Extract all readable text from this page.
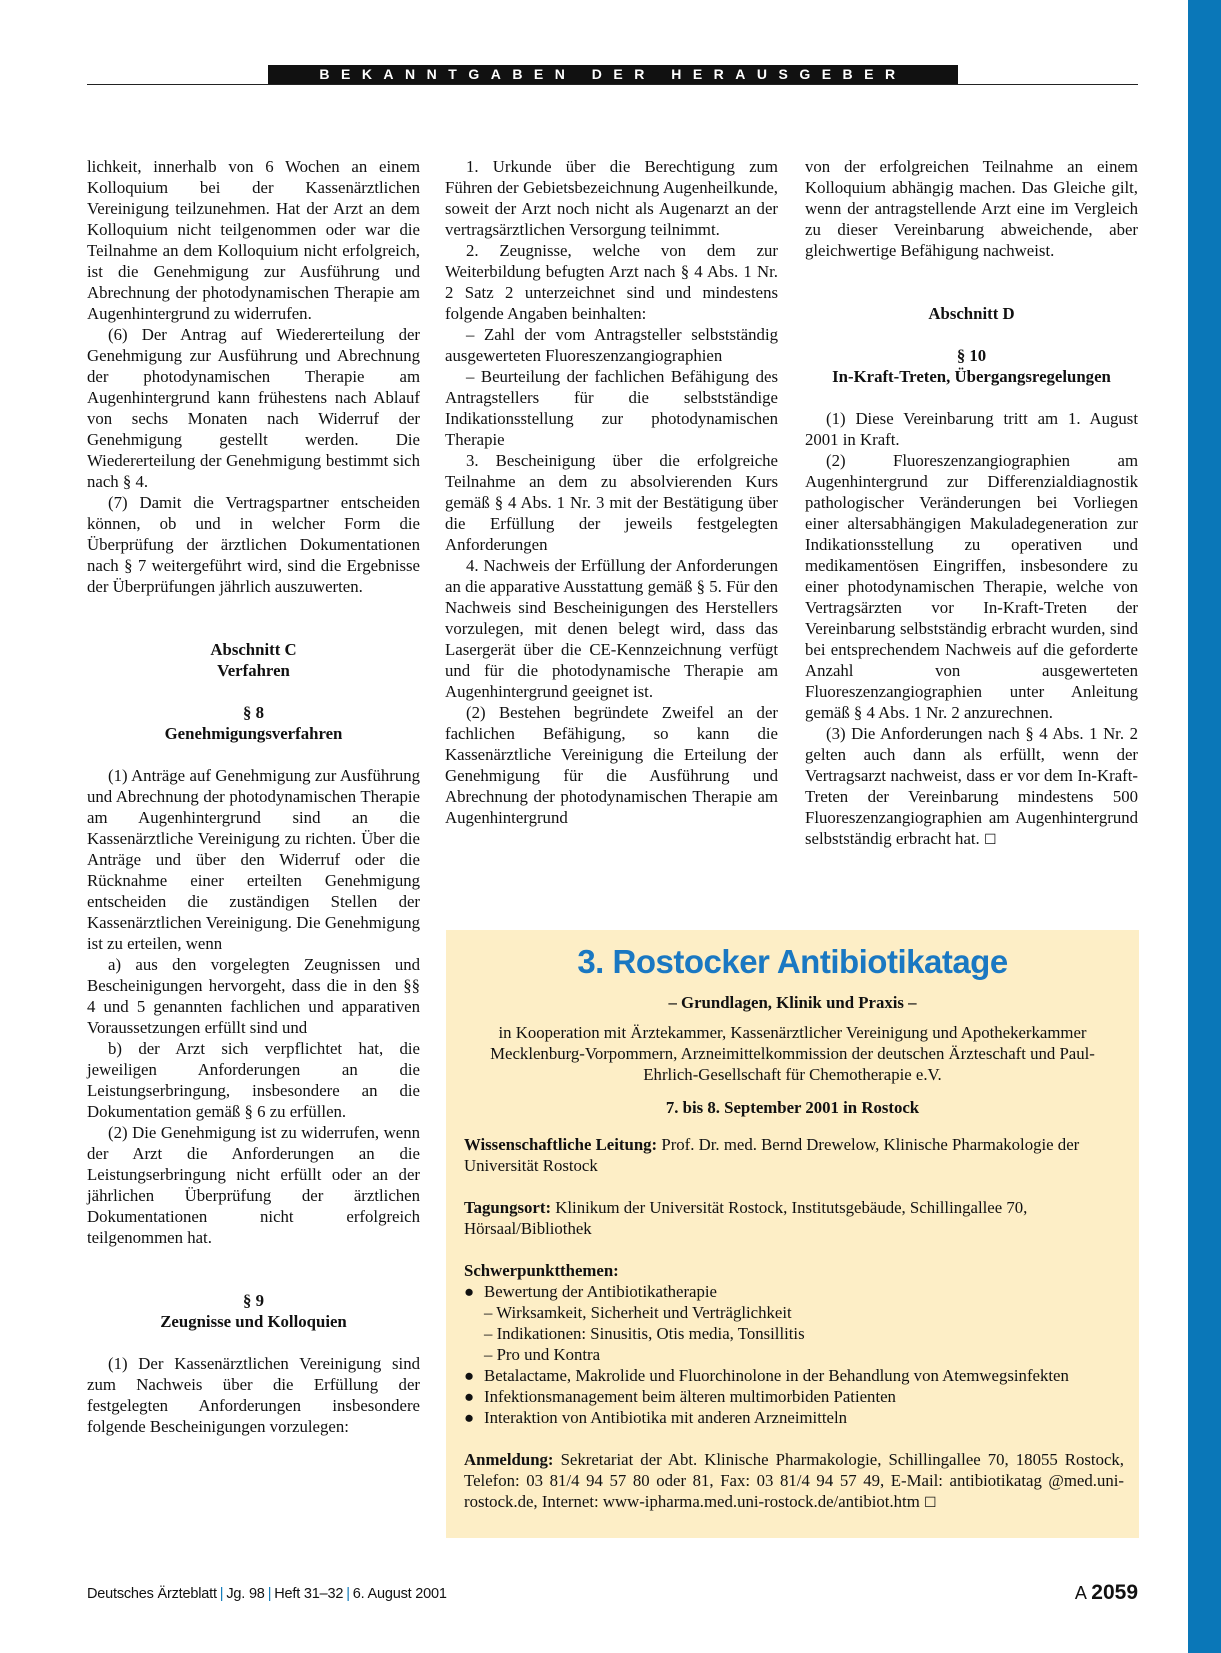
BEKANNTGABEN DER HERAUSGEBER

lichkeit, innerhalb von 6 Wochen an einem Kolloquium bei der Kassenärztlichen Vereinigung teilzunehmen. Hat der Arzt an dem Kolloquium nicht teilgenommen oder war die Teilnahme an dem Kolloquium nicht erfolgreich, ist die Genehmigung zur Ausführung und Abrechnung der photodynamischen Therapie am Augenhintergrund zu widerrufen.

(6) Der Antrag auf Wiedererteilung der Genehmigung zur Ausführung und Abrechnung der photodynamischen Therapie am Augenhintergrund kann frühestens nach Ablauf von sechs Monaten nach Widerruf der Genehmigung gestellt werden. Die Wiedererteilung der Genehmigung bestimmt sich nach § 4.

(7) Damit die Vertragspartner entscheiden können, ob und in welcher Form die Überprüfung der ärztlichen Dokumentationen nach § 7 weitergeführt wird, sind die Ergebnisse der Überprüfungen jährlich auszuwerten.

Abschnitt C

Verfahren

§ 8

Genehmigungsverfahren

(1) Anträge auf Genehmigung zur Ausführung und Abrechnung der photodynamischen Therapie am Augenhintergrund sind an die Kassenärztliche Vereinigung zu richten. Über die Anträge und über den Widerruf oder die Rücknahme einer erteilten Genehmigung entscheiden die zuständigen Stellen der Kassenärztlichen Vereinigung. Die Genehmigung ist zu erteilen, wenn

a) aus den vorgelegten Zeugnissen und Bescheinigungen hervorgeht, dass die in den §§ 4 und 5 genannten fachlichen und apparativen Voraussetzungen erfüllt sind und

b) der Arzt sich verpflichtet hat, die jeweiligen Anforderungen an die Leistungserbringung, insbesondere an die Dokumentation gemäß § 6 zu erfüllen.

(2) Die Genehmigung ist zu widerrufen, wenn der Arzt die Anforderungen an die Leistungserbringung nicht erfüllt oder an der jährlichen Überprüfung der ärztlichen Dokumentationen nicht erfolgreich teilgenommen hat.

§ 9

Zeugnisse und Kolloquien

(1) Der Kassenärztlichen Vereinigung sind zum Nachweis über die Erfüllung der festgelegten Anforderungen insbesondere folgende Bescheinigungen vorzulegen:

1. Urkunde über die Berechtigung zum Führen der Gebietsbezeichnung Augenheilkunde, soweit der Arzt noch nicht als Augenarzt an der vertragsärztlichen Versorgung teilnimmt.

2. Zeugnisse, welche von dem zur Weiterbildung befugten Arzt nach § 4 Abs. 1 Nr. 2 Satz 2 unterzeichnet sind und mindestens folgende Angaben beinhalten:

– Zahl der vom Antragsteller selbstständig ausgewerteten Fluoreszenzangiographien

– Beurteilung der fachlichen Befähigung des Antragstellers für die selbstständige Indikationsstellung zur photodynamischen Therapie

3. Bescheinigung über die erfolgreiche Teilnahme an dem zu absolvierenden Kurs gemäß § 4 Abs. 1 Nr. 3 mit der Bestätigung über die Erfüllung der jeweils festgelegten Anforderungen

4. Nachweis der Erfüllung der Anforderungen an die apparative Ausstattung gemäß § 5. Für den Nachweis sind Bescheinigungen des Herstellers vorzulegen, mit denen belegt wird, dass das Lasergerät über die CE-Kennzeichnung verfügt und für die photodynamische Therapie am Augenhintergrund geeignet ist.

(2) Bestehen begründete Zweifel an der fachlichen Befähigung, so kann die Kassenärztliche Vereinigung die Erteilung der Genehmigung für die Ausführung und Abrechnung der photodynamischen Therapie am Augenhintergrund

von der erfolgreichen Teilnahme an einem Kolloquium abhängig machen. Das Gleiche gilt, wenn der antragstellende Arzt eine im Vergleich zu dieser Vereinbarung abweichende, aber gleichwertige Befähigung nachweist.

Abschnitt D

§ 10

In-Kraft-Treten, Übergangsregelungen

(1) Diese Vereinbarung tritt am 1. August 2001 in Kraft.

(2) Fluoreszenzangiographien am Augenhintergrund zur Differenzialdiagnostik pathologischer Veränderungen bei Vorliegen einer altersabhängigen Makuladegeneration zur Indikationsstellung zu operativen und medikamentösen Eingriffen, insbesondere zu einer photodynamischen Therapie, welche von Vertragsärzten vor In-Kraft-Treten der Vereinbarung selbstständig erbracht wurden, sind bei entsprechendem Nachweis auf die geforderte Anzahl von ausgewerteten Fluoreszenzangiographien unter Anleitung gemäß § 4 Abs. 1 Nr. 2 anzurechnen.

(3) Die Anforderungen nach § 4 Abs. 1 Nr. 2 gelten auch dann als erfüllt, wenn der Vertragsarzt nachweist, dass er vor dem In-Kraft-Treten der Vereinbarung mindestens 500 Fluoreszenzangiographien am Augenhintergrund selbstständig erbracht hat. ☐

3. Rostocker Antibiotikatage
– Grundlagen, Klinik und Praxis –
in Kooperation mit Ärztekammer, Kassenärztlicher Vereinigung und Apothekerkammer Mecklenburg-Vorpommern, Arzneimittelkommission der deutschen Ärzteschaft und Paul-Ehrlich-Gesellschaft für Chemotherapie e.V.
7. bis 8. September 2001 in Rostock

Wissenschaftliche Leitung: Prof. Dr. med. Bernd Drewelow, Klinische Pharmakologie der Universität Rostock

Tagungsort: Klinikum der Universität Rostock, Institutsgebäude, Schillingallee 70, Hörsaal/Bibliothek

Schwerpunktthemen:

● Bewertung der Antibiotikatherapie
– Wirksamkeit, Sicherheit und Verträglichkeit
– Indikationen: Sinusitis, Otis media, Tonsillitis
– Pro und Kontra
● Betalactame, Makrolide und Fluorchinolone in der Behandlung von Atemwegsinfekten
● Infektionsmanagement beim älteren multimorbiden Patienten
● Interaktion von Antibiotika mit anderen Arzneimitteln

Anmeldung: Sekretariat der Abt. Klinische Pharmakologie, Schillingallee 70, 18055 Rostock, Telefon: 03 81/4 94 57 80 oder 81, Fax: 03 81/4 94 57 49, E-Mail: antibiotikatag @med.uni-rostock.de, Internet: www-ipharma.med.uni-rostock.de/antibiot.htm ☐

Deutsches Ärzteblatt | Jg. 98 | Heft 31–32 | 6. August 2001	A 2059
